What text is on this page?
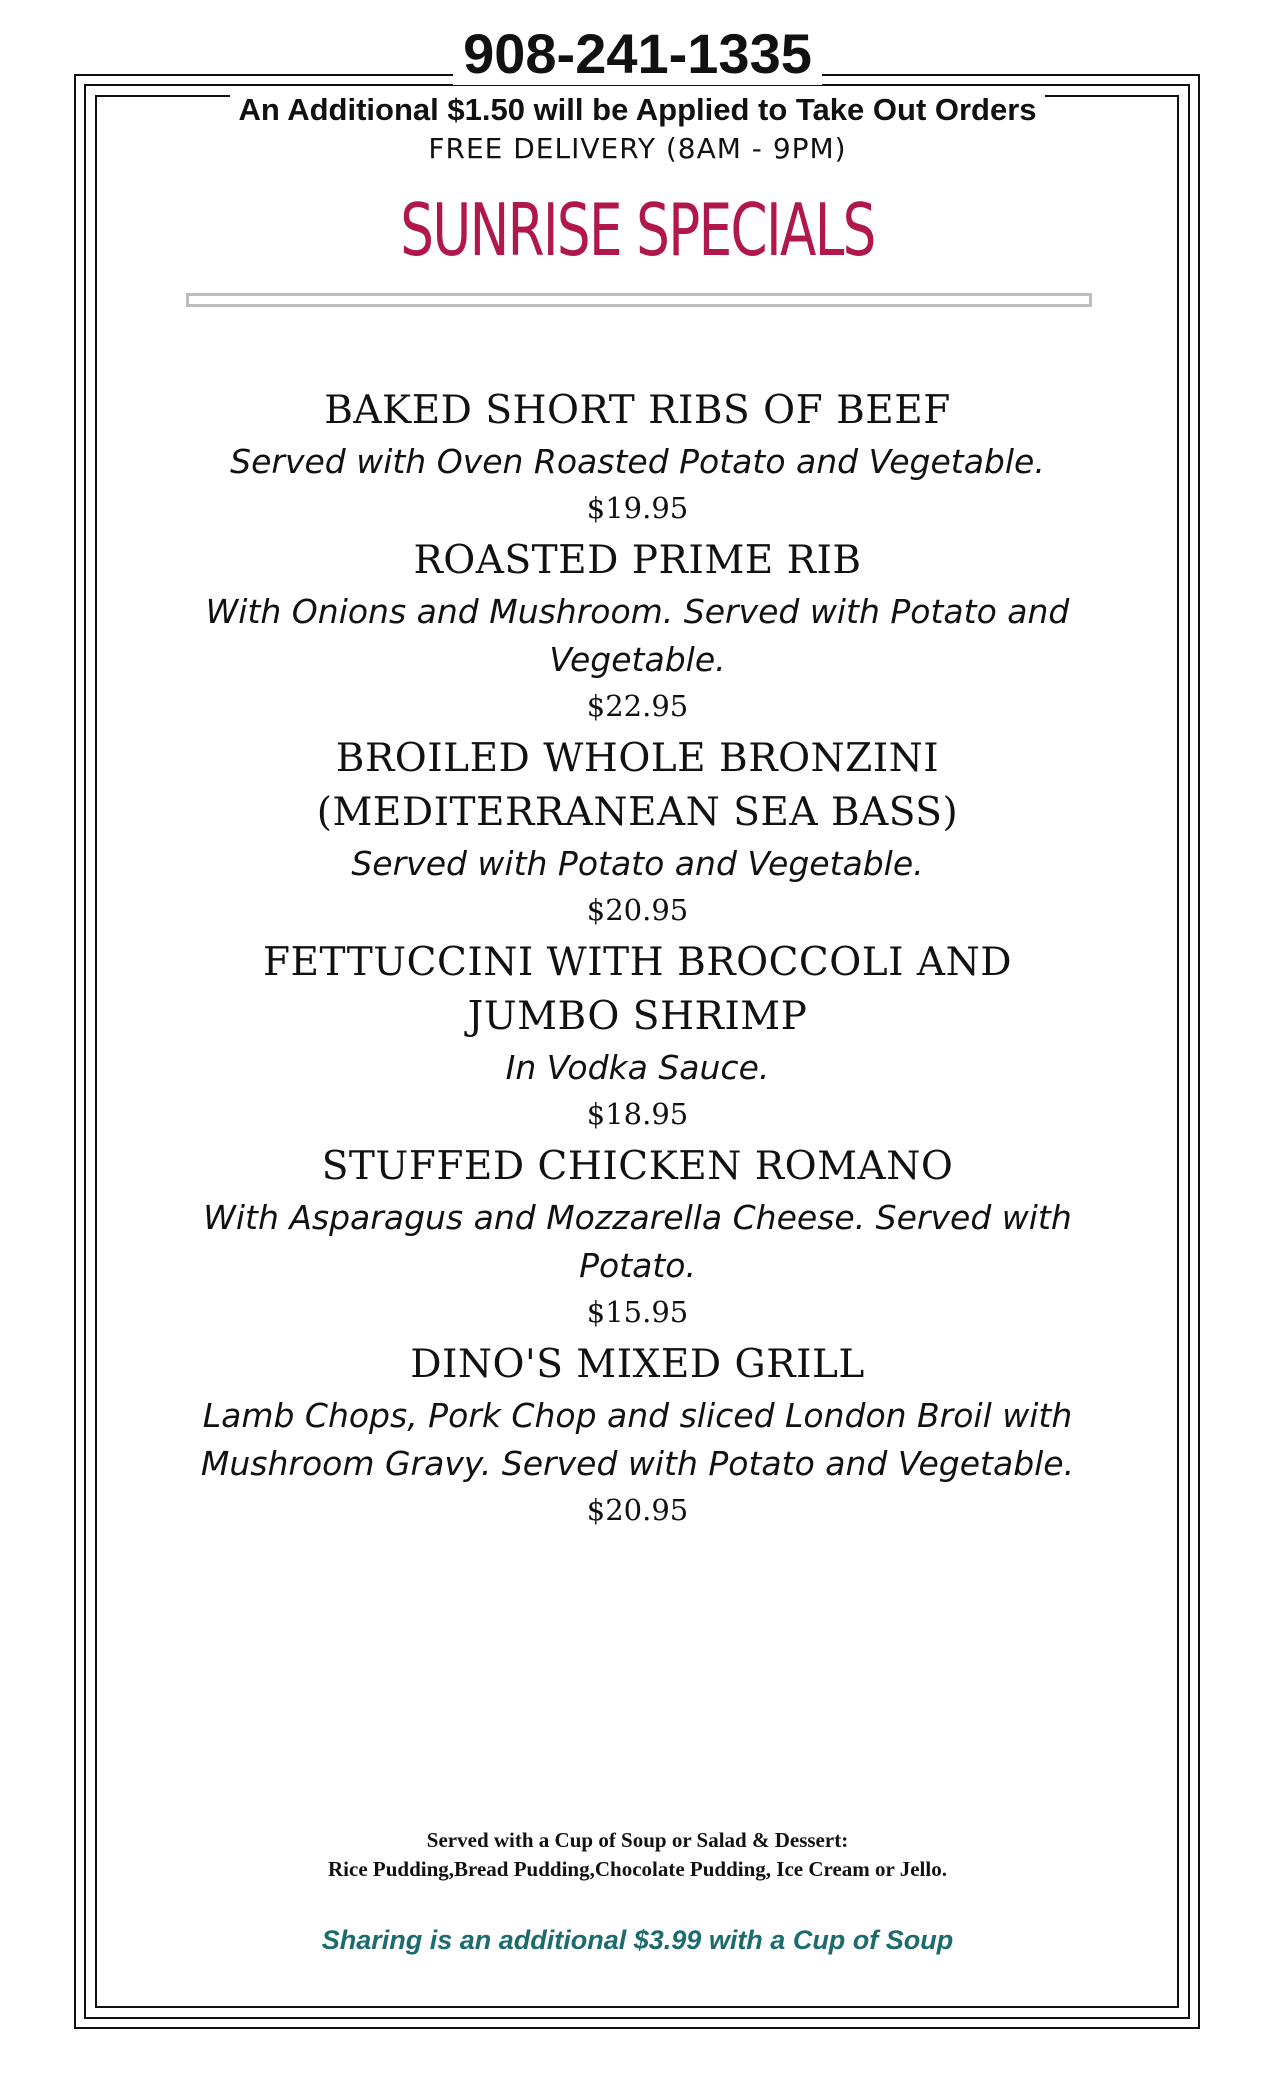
908-241-1335
An Additional $1.50 will be Applied to Take Out Orders
FREE DELIVERY (8AM - 9PM)
SUNRISE SPECIALS
BAKED SHORT RIBS OF BEEF
Served with Oven Roasted Potato and Vegetable.
$19.95
ROASTED PRIME RIB
With Onions and Mushroom. Served with Potato and Vegetable.
$22.95
BROILED WHOLE BRONZINI (MEDITERRANEAN SEA BASS)
Served with Potato and Vegetable.
$20.95
FETTUCCINI WITH BROCCOLI AND JUMBO SHRIMP
In Vodka Sauce.
$18.95
STUFFED CHICKEN ROMANO
With Asparagus and Mozzarella Cheese. Served with Potato.
$15.95
DINO'S MIXED GRILL
Lamb Chops, Pork Chop and sliced London Broil with Mushroom Gravy. Served with Potato and Vegetable.
$20.95
Served with a Cup of Soup or Salad & Dessert:
Rice Pudding,Bread Pudding,Chocolate Pudding, Ice Cream or Jello.
Sharing is an additional $3.99 with a Cup of Soup
